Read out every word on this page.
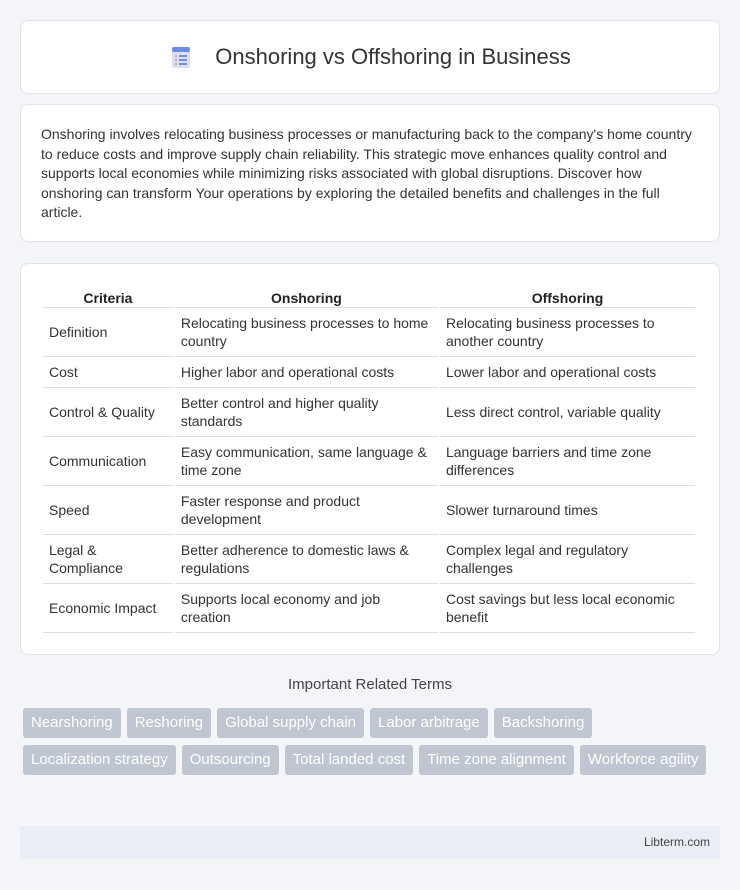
Onshoring vs Offshoring in Business

Onshoring involves relocating business processes or manufacturing back to the company's home country to reduce costs and improve supply chain reliability. This strategic move enhances quality control and supports local economies while minimizing risks associated with global disruptions. Discover how onshoring can transform Your operations by exploring the detailed benefits and challenges in the full article.

Criteria	Onshoring	Offshoring
Definition	Relocating business processes to home country	Relocating business processes to another country
Cost	Higher labor and operational costs	Lower labor and operational costs
Control & Quality	Better control and higher quality standards	Less direct control, variable quality
Communication	Easy communication, same language & time zone	Language barriers and time zone differences
Speed	Faster response and product development	Slower turnaround times
Legal & Compliance	Better adherence to domestic laws & regulations	Complex legal and regulatory challenges
Economic Impact	Supports local economy and job creation	Cost savings but less local economic benefit
Important Related Terms
Nearshoring	Reshoring	Global supply chain	Labor arbitrage	Backshoring
Localization strategy	Outsourcing	Total landed cost	Time zone alignment	Workforce agility
Libterm.com
